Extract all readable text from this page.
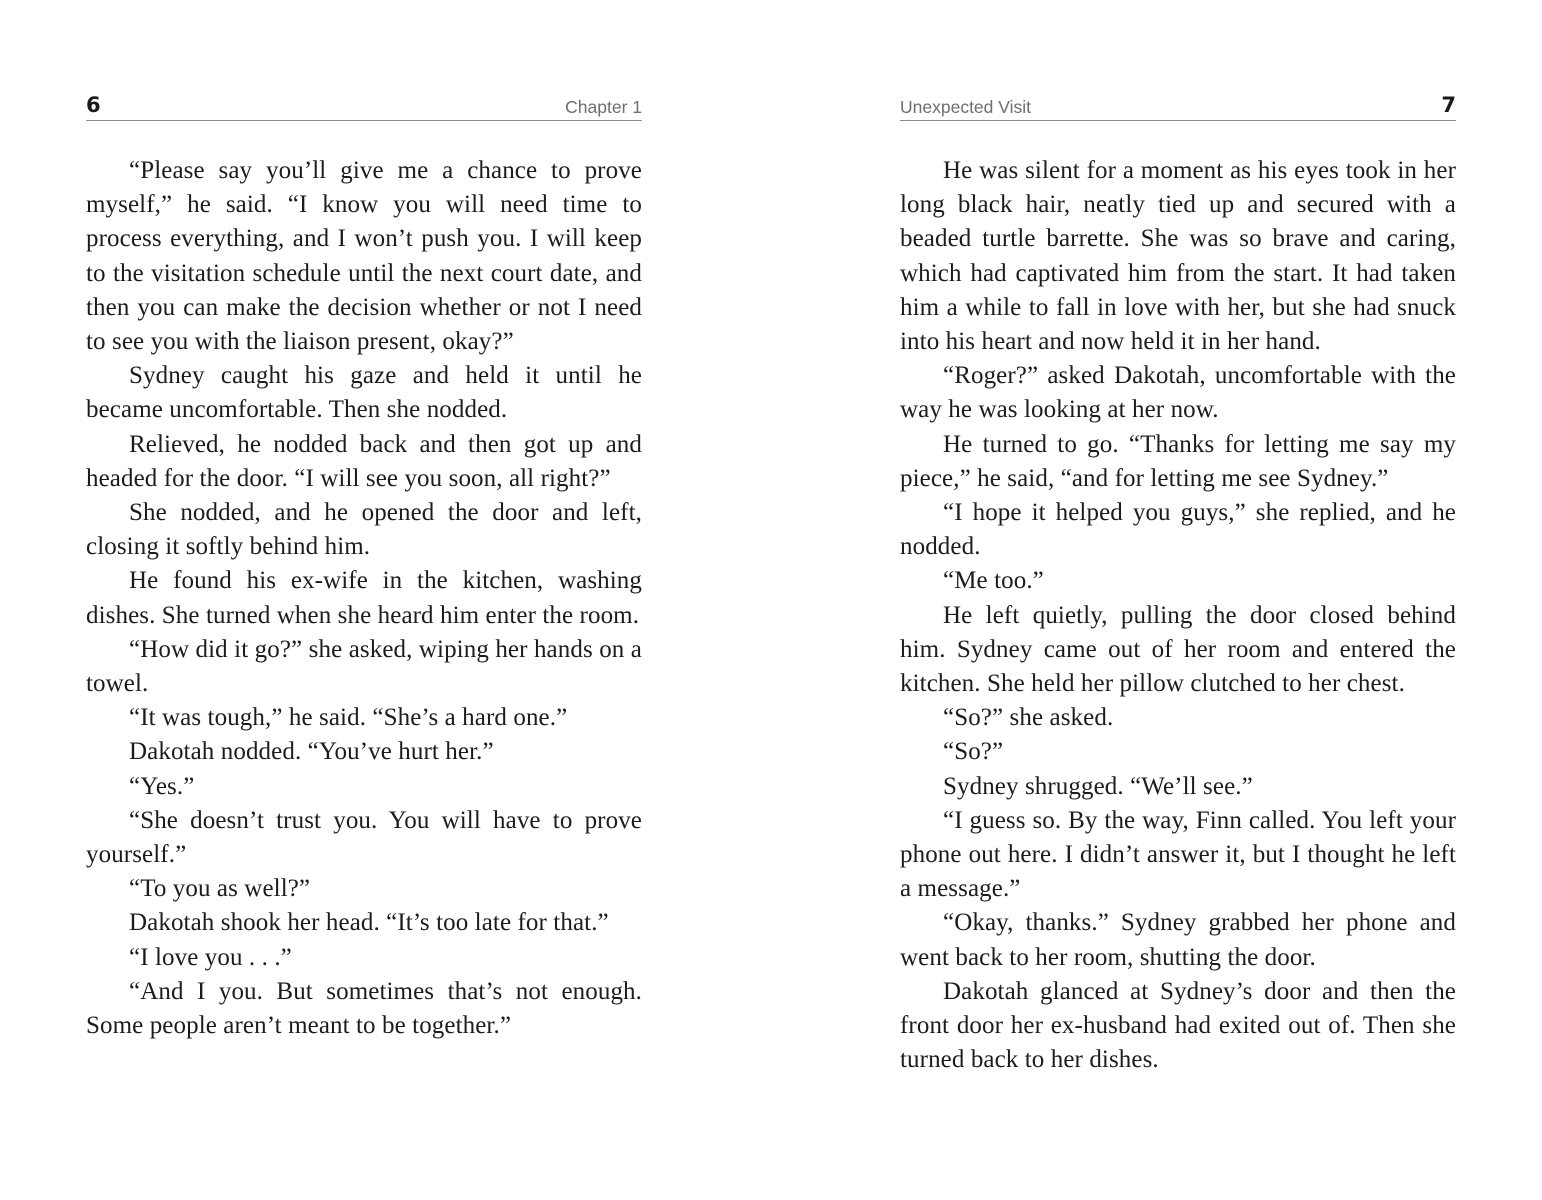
6	Chapter 1

“Please say you’ll give me a chance to prove myself,” he said. “I know you will need time to process everything, and I won’t push you. I will keep to the visitation schedule until the next court date, and then you can make the decision whether or not I need to see you with the liaison present, okay?”

Sydney caught his gaze and held it until he became uncomfortable. Then she nodded.

Relieved, he nodded back and then got up and headed for the door. “I will see you soon, all right?”

She nodded, and he opened the door and left, closing it softly behind him.

He found his ex-wife in the kitchen, washing dishes. She turned when she heard him enter the room.

“How did it go?” she asked, wiping her hands on a towel.

“It was tough,” he said. “She’s a hard one.”

Dakotah nodded. “You’ve hurt her.”

“Yes.”

“She doesn’t trust you. You will have to prove yourself.”

“To you as well?”

Dakotah shook her head. “It’s too late for that.”

“I love you . . .”

“And I you. But sometimes that’s not enough. Some people aren’t meant to be together.”

Unexpected Visit	7

He was silent for a moment as his eyes took in her long black hair, neatly tied up and secured with a beaded turtle barrette. She was so brave and caring, which had captivated him from the start. It had taken him a while to fall in love with her, but she had snuck into his heart and now held it in her hand.

“Roger?” asked Dakotah, uncomfortable with the way he was looking at her now.

He turned to go. “Thanks for letting me say my piece,” he said, “and for letting me see Sydney.”

“I hope it helped you guys,” she replied, and he nodded.

“Me too.”

He left quietly, pulling the door closed behind him. Sydney came out of her room and entered the kitchen. She held her pillow clutched to her chest.

“So?” she asked.

“So?”

Sydney shrugged. “We’ll see.”

“I guess so. By the way, Finn called. You left your phone out here. I didn’t answer it, but I thought he left a message.”

“Okay, thanks.” Sydney grabbed her phone and went back to her room, shutting the door.

Dakotah glanced at Sydney’s door and then the front door her ex-husband had exited out of. Then she turned back to her dishes.
